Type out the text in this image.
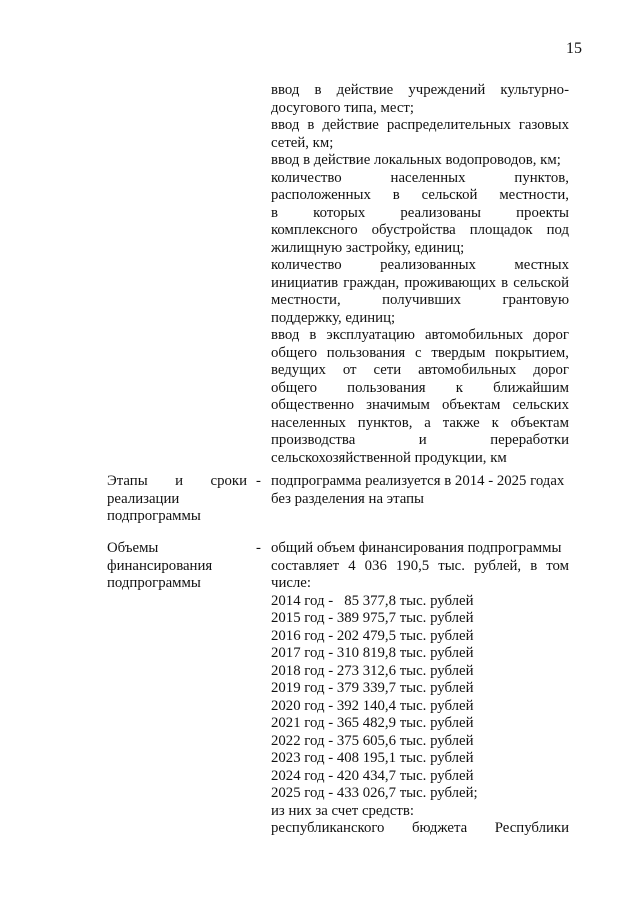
15
ввод в действие учреждений культурно-
досугового типа, мест;
ввод в действие распределительных газовых
сетей, км;
ввод в действие локальных водопроводов, км;
количество населенных пунктов,
расположенных в сельской местности,
в которых реализованы проекты
комплексного обустройства площадок под
жилищную застройку, единиц;
количество реализованных местных
инициатив граждан, проживающих в сельской
местности, получивших грантовую
поддержку, единиц;
ввод в эксплуатацию автомобильных дорог
общего пользования с твердым покрытием,
ведущих от сети автомобильных дорог
общего пользования к ближайшим
общественно значимым объектам сельских
населенных пунктов, а также к объектам
производства и переработки
сельскохозяйственной продукции, км
Этапы и сроки
реализации
подпрограммы
- подпрограмма реализуется в 2014 - 2025 годах
без разделения на этапы
Объемы
финансирования
подпрограммы
- общий объем финансирования подпрограммы
составляет 4 036 190,5 тыс. рублей, в том
числе:
2014 год -   85 377,8 тыс. рублей
2015 год - 389 975,7 тыс. рублей
2016 год - 202 479,5 тыс. рублей
2017 год - 310 819,8 тыс. рублей
2018 год - 273 312,6 тыс. рублей
2019 год - 379 339,7 тыс. рублей
2020 год - 392 140,4 тыс. рублей
2021 год - 365 482,9 тыс. рублей
2022 год - 375 605,6 тыс. рублей
2023 год - 408 195,1 тыс. рублей
2024 год - 420 434,7 тыс. рублей
2025 год - 433 026,7 тыс. рублей;
из них за счет средств:
республиканского бюджета Республики
